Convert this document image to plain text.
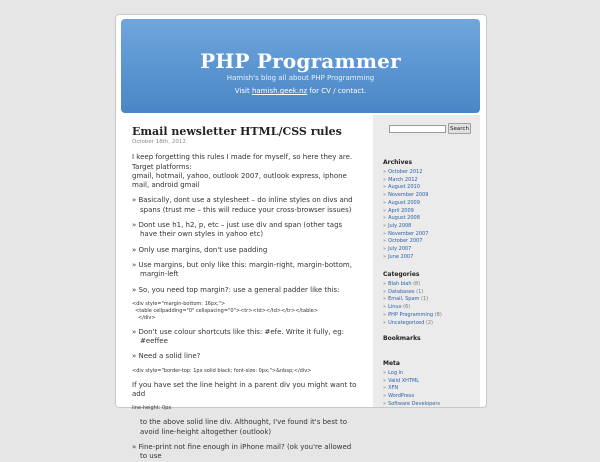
PHP Programmer
Hamish's blog all about PHP Programming
Visit hamish.geek.nz for CV / contact.
Email newsletter HTML/CSS rules
October 18th, 2012

I keep forgetting this rules I made for myself, so here they are. Target platforms:
gmail, hotmail, yahoo, outlook 2007, outlook express, iphone mail, android gmail

» Basically, dont use a stylesheet – do inline styles on divs and spans (trust me – this will reduce your cross-browser issues)
» Dont use h1, h2, p, etc – just use div and span (other tags have their own styles in yahoo etc)
» Only use margins, don't use padding
» Use margins, but only like this: margin-right, margin-bottom, margin-left
» So, you need top margin?: use a general padder like this:
<div style="margin-bottom: 16px;">
<table cellpadding="0" cellspacing="0"><tr><td></td></tr></table>
</div>
» Don't use colour shortcuts like this: #efe. Write it fully, eg: #eeffee
» Need a solid line?
<div style="border-top: 1px solid black; font-size: 0px;">&nbsp;</div>

If you have set the line height in a parent div you might want to add

line-height: 0px
to the above solid line div. Althought, I've found it's best to avoid line-height altogether (outlook)
» Fine-print not fine enough in iPhone mail? (ok you're allowed to use
Search
Archives
» October 2012
» March 2012
» August 2010
» November 2009
» August 2009
» April 2009
» August 2008
» July 2008
» November 2007
» October 2007
» July 2007
» June 2007
Categories
» Blah blah (8)
» Databases (1)
» Email, Spam (1)
» Linux (6)
» PHP Programming (8)
» Uncategorized (2)
Bookmarks
Meta
» Log in
» Valid XHTML
» XFN
» WordPress
» Software Developers
